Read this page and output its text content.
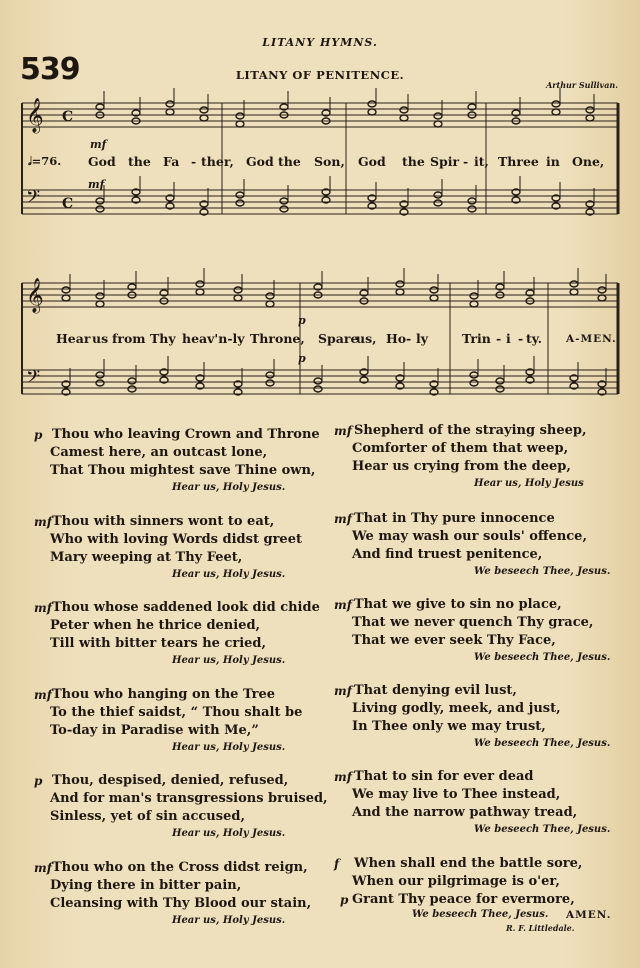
LITANY HYMNS.
539	LITANY OF PENITENCE.
Arthur Sullivan.
𝄞 C
𝄢 C
𝄞
𝄢
𝅗𝅥=76.
mf
mf
p
p
A-MEN.
God the Fa - ther, God the Son, God the Spir - it, Three in One,
Hear us from Thy heav'n-ly Throne, Spare
us, Ho - ly	Trin - i - ty.
p Thou who leaving Crown and Throne
Camest here, an outcast lone,
That Thou mightest save Thine own,
Hear us, Holy Jesus.
mf Thou with sinners wont to eat,
Who with loving Words didst greet
Mary weeping at Thy Feet,
Hear us, Holy Jesus.
mf Thou whose saddened look did chide
Peter when he thrice denied,
Till with bitter tears he cried,
Hear us, Holy Jesus.
mf Thou who hanging on the Tree
To the thief saidst, “ Thou shalt be
To-day in Paradise with Me,”
Hear us, Holy Jesus.
p Thou, despised, denied, refused,
And for man's transgressions bruised,
Sinless, yet of sin accused,
Hear us, Holy Jesus.
mf Thou who on the Cross didst reign,
Dying there in bitter pain,
Cleansing with Thy Blood our stain,
Hear us, Holy Jesus.
mf Shepherd of the straying sheep,
Comforter of them that weep,
Hear us crying from the deep,
Hear us, Holy Jesus
mf That in Thy pure innocence
We may wash our souls' offence,
And find truest penitence,
We beseech Thee, Jesus.
mf That we give to sin no place,
That we never quench Thy grace,
That we ever seek Thy Face,
We beseech Thee, Jesus.
mf That denying evil lust,
Living godly, meek, and just,
In Thee only we may trust,
We beseech Thee, Jesus.
mf That to sin for ever dead
We may live to Thee instead,
And the narrow pathway tread,
We beseech Thee, Jesus.
f When shall end the battle sore,
When our pilgrimage is o'er,
p Grant Thy peace for evermore,
We beseech Thee, Jesus. AMEN.
R. F. Littledale.
